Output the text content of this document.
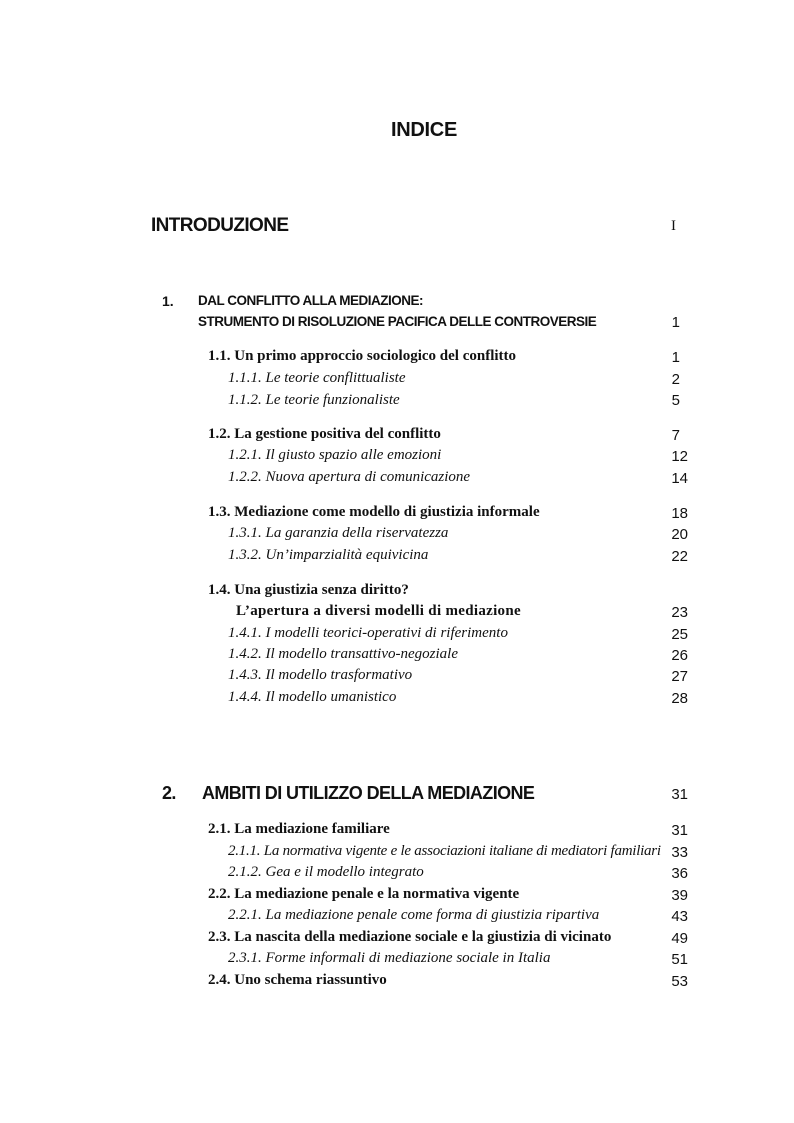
INDICE
INTRODUZIONE	I
1. DAL CONFLITTO ALLA MEDIAZIONE:
STRUMENTO DI RISOLUZIONE PACIFICA DELLE CONTROVERSIE	1
1.1. Un primo approccio sociologico del conflitto	1
1.1.1. Le teorie conflittualiste	2
1.1.2. Le teorie funzionaliste	5
1.2. La gestione positiva del conflitto	7
1.2.1. Il giusto spazio alle emozioni	12
1.2.2. Nuova apertura di comunicazione	14
1.3. Mediazione come modello di giustizia informale	18
1.3.1. La garanzia della riservatezza	20
1.3.2. Un’imparzialità equivicina	22
1.4. Una giustizia senza diritto?
L’apertura a diversi modelli di mediazione	23
1.4.1. I modelli teorici-operativi di riferimento	25
1.4.2. Il modello transattivo-negoziale	26
1.4.3. Il modello trasformativo	27
1.4.4. Il modello umanistico	28
2. AMBITI DI UTILIZZO DELLA MEDIAZIONE	31
2.1. La mediazione familiare	31
2.1.1. La normativa vigente e le associazioni italiane di mediatori familiari 33
2.1.2. Gea e il modello integrato	36
2.2. La mediazione penale e la normativa vigente	39
2.2.1. La mediazione penale come forma di giustizia ripartiva	43
2.3. La nascita della mediazione sociale e la giustizia di vicinato	49
2.3.1. Forme informali di mediazione sociale in Italia	51
2.4. Uno schema riassuntivo	53
